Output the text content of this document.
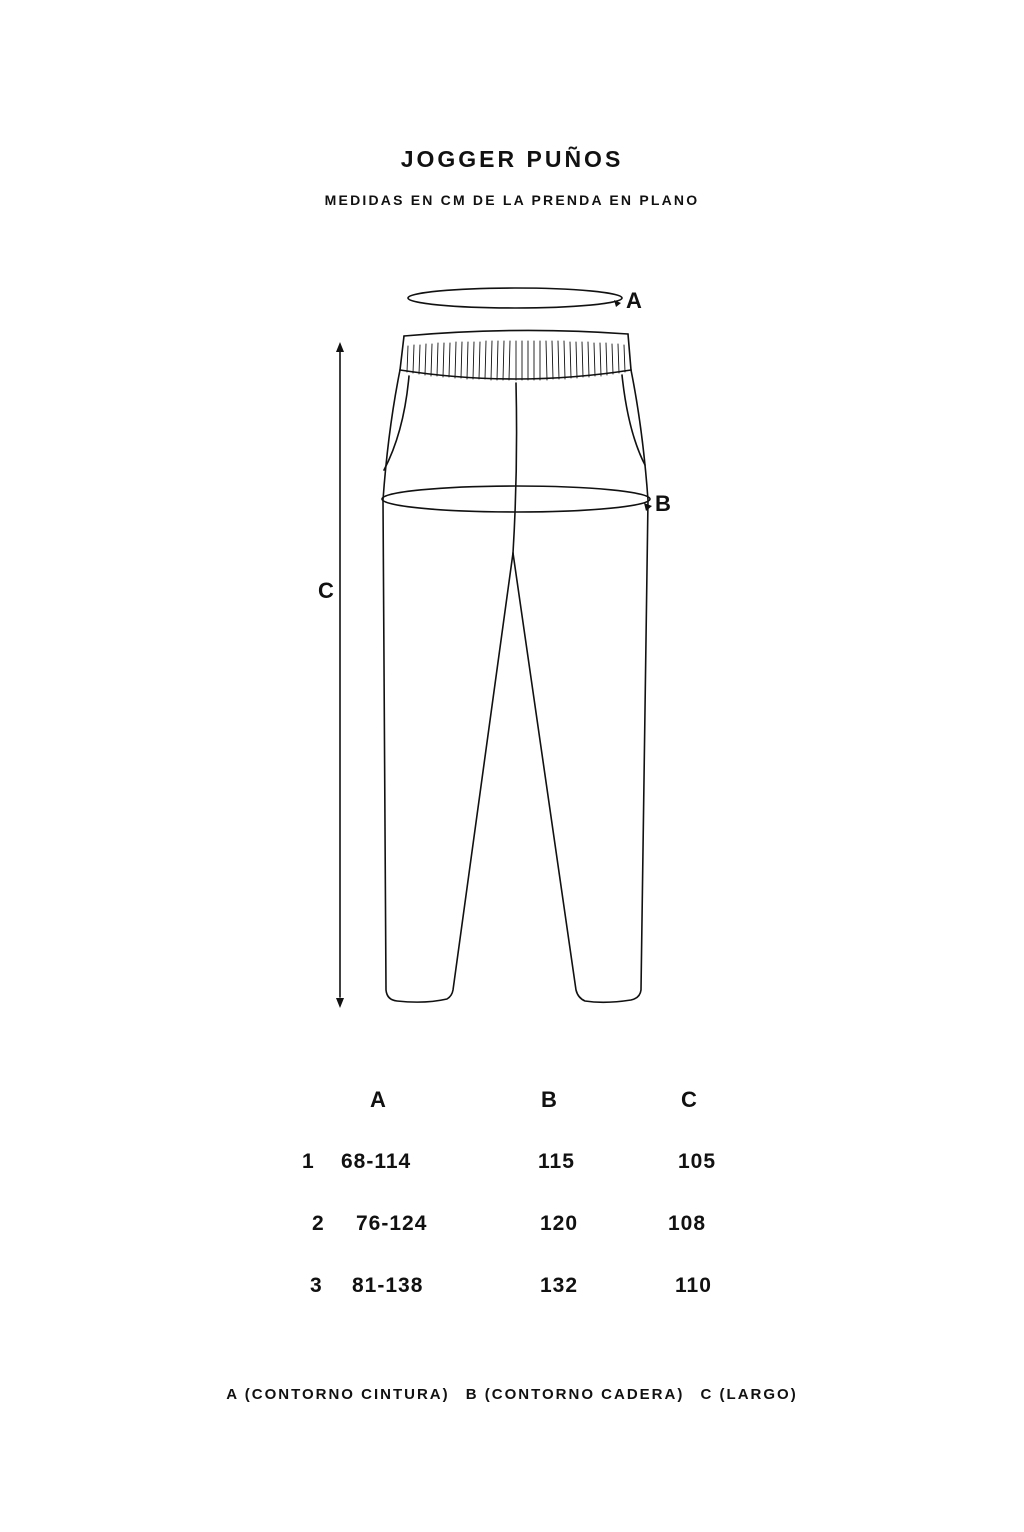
JOGGER PUÑOS
MEDIDAS EN CM DE LA PRENDA EN PLANO
A
B
C
A	B	C
1 68-114	115	105
2 76-124	120	108
3 81-138	132	110
A (CONTORNO CINTURA) B (CONTORNO CADERA) C (LARGO)
